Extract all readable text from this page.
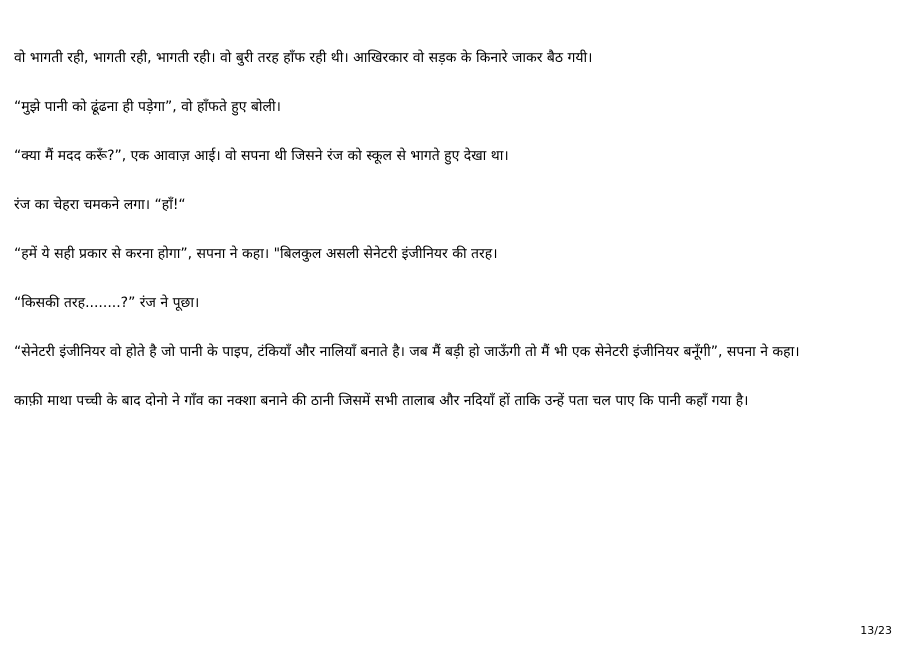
वो भागती रही, भागती रही, भागती रही। वो बुरी तरह हाँफ रही थी। आखिरकार वो सड़क के किनारे जाकर बैठ गयी।

“मुझे पानी को ढूंढना ही पड़ेगा”, वो हाँफते हुए बोली।

“क्या मैं मदद करूँ?”, एक आवाज़ आई। वो सपना थी जिसने रंज को स्कूल से भागते हुए देखा था।

रंज का चेहरा चमकने लगा। “हाँ!“

“हमें ये सही प्रकार से करना होगा”, सपना ने कहा। "बिलकुल असली सेनेटरी इंजीनियर की तरह।

“किसकी तरह........?” रंज ने पूछा।

“सेनेटरी इंजीनियर वो होते है जो पानी के पाइप, टंकियाँ और नालियाँ बनाते है। जब मैं बड़ी हो जाऊँगी तो मैं भी एक सेनेटरी इंजीनियर बनूँगी”, सपना ने कहा।

काफ़ी माथा पच्ची के बाद दोनो ने गाँव का नक्शा बनाने की ठानी जिसमें सभी तालाब और नदियाँ हों ताकि उन्हें पता चल पाए कि पानी कहाँ गया है।

13/23
